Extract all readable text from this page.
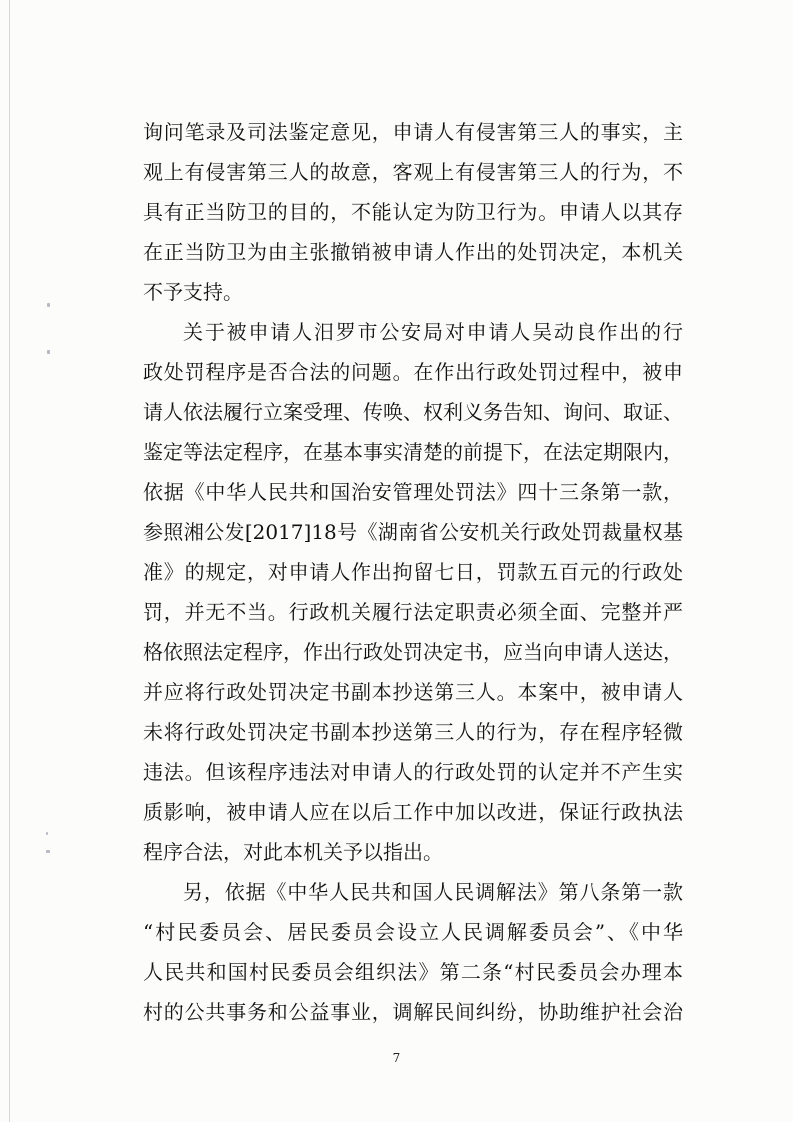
询问笔录及司法鉴定意见，申请人有侵害第三人的事实，主
观上有侵害第三人的故意，客观上有侵害第三人的行为，不
具有正当防卫的目的，不能认定为防卫行为。申请人以其存
在正当防卫为由主张撤销被申请人作出的处罚决定，本机关
不予支持。
关于被申请人汨罗市公安局对申请人吴动良作出的行
政处罚程序是否合法的问题。在作出行政处罚过程中，被申
请人依法履行立案受理、传唤、权利义务告知、询问、取证、
鉴定等法定程序，在基本事实清楚的前提下，在法定期限内，
依据《中华人民共和国治安管理处罚法》四十三条第一款，
参照湘公发[2017]18号《湖南省公安机关行政处罚裁量权基
准》的规定，对申请人作出拘留七日，罚款五百元的行政处
罚，并无不当。行政机关履行法定职责必须全面、完整并严
格依照法定程序，作出行政处罚决定书，应当向申请人送达，
并应将行政处罚决定书副本抄送第三人。本案中，被申请人
未将行政处罚决定书副本抄送第三人的行为，存在程序轻微
违法。但该程序违法对申请人的行政处罚的认定并不产生实
质影响，被申请人应在以后工作中加以改进，保证行政执法
程序合法，对此本机关予以指出。
另，依据《中华人民共和国人民调解法》第八条第一款
“村民委员会、居民委员会设立人民调解委员会”、《中华
人民共和国村民委员会组织法》第二条“村民委员会办理本
村的公共事务和公益事业，调解民间纠纷，协助维护社会治
7
